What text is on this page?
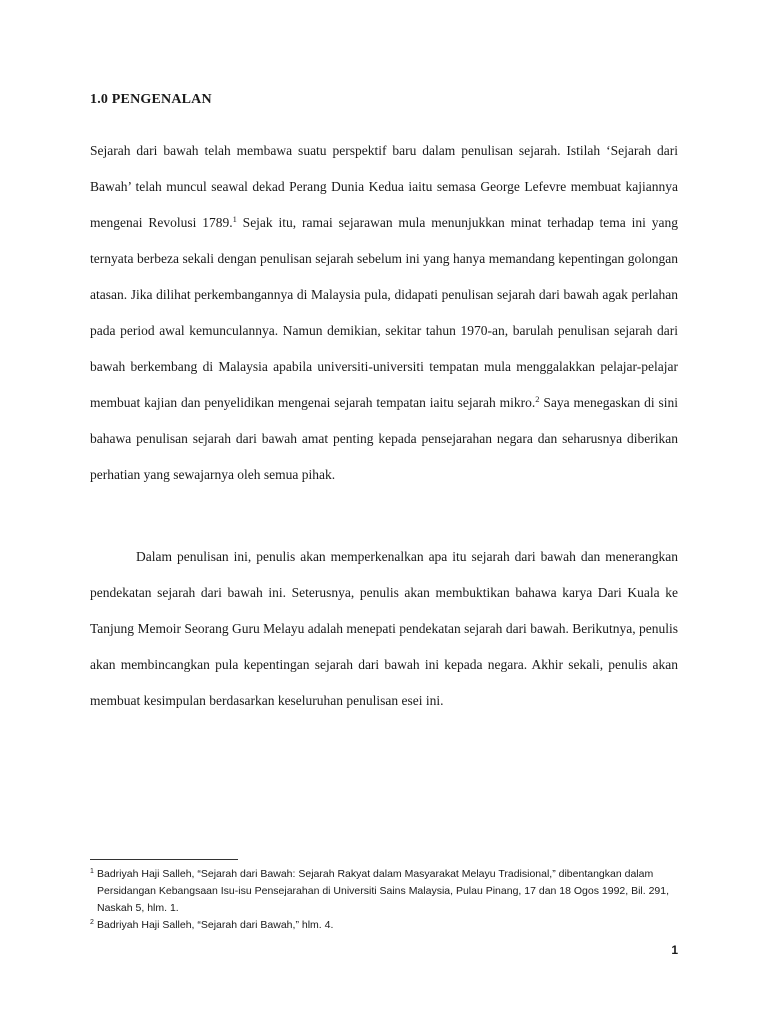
1.0 PENGENALAN

Sejarah dari bawah telah membawa suatu perspektif baru dalam penulisan sejarah. Istilah ‘Sejarah dari Bawah’ telah muncul seawal dekad Perang Dunia Kedua iaitu semasa George Lefevre membuat kajiannya mengenai Revolusi 1789.$^1$ Sejak itu, ramai sejarawan mula menunjukkan minat terhadap tema ini yang ternyata berbeza sekali dengan penulisan sejarah sebelum ini yang hanya memandang kepentingan golongan atasan. Jika dilihat perkembangannya di Malaysia pula, didapati penulisan sejarah dari bawah agak perlahan pada period awal kemunculannya. Namun demikian, sekitar tahun 1970-an, barulah penulisan sejarah dari bawah berkembang di Malaysia apabila universiti-universiti tempatan mula menggalakkan pelajar-pelajar membuat kajian dan penyelidikan mengenai sejarah tempatan iaitu sejarah mikro.$^2$ Saya menegaskan di sini bahawa penulisan sejarah dari bawah amat penting kepada pensejarahan negara dan seharusnya diberikan perhatian yang sewajarnya oleh semua pihak.

Dalam penulisan ini, penulis akan memperkenalkan apa itu sejarah dari bawah dan menerangkan pendekatan sejarah dari bawah ini. Seterusnya, penulis akan membuktikan bahawa karya Dari Kuala ke Tanjung Memoir Seorang Guru Melayu adalah menepati pendekatan sejarah dari bawah. Berikutnya, penulis akan membincangkan pula kepentingan sejarah dari bawah ini kepada negara. Akhir sekali, penulis akan membuat kesimpulan berdasarkan keseluruhan penulisan esei ini.

1 Badriyah Haji Salleh, “Sejarah dari Bawah: Sejarah Rakyat dalam Masyarakat Melayu Tradisional,” dibentangkan dalam Persidangan Kebangsaan Isu-isu Pensejarahan di Universiti Sains Malaysia, Pulau Pinang, 17 dan 18 Ogos 1992, Bil. 291, Naskah 5, hlm. 1.
2 Badriyah Haji Salleh, “Sejarah dari Bawah,” hlm. 4.
1
